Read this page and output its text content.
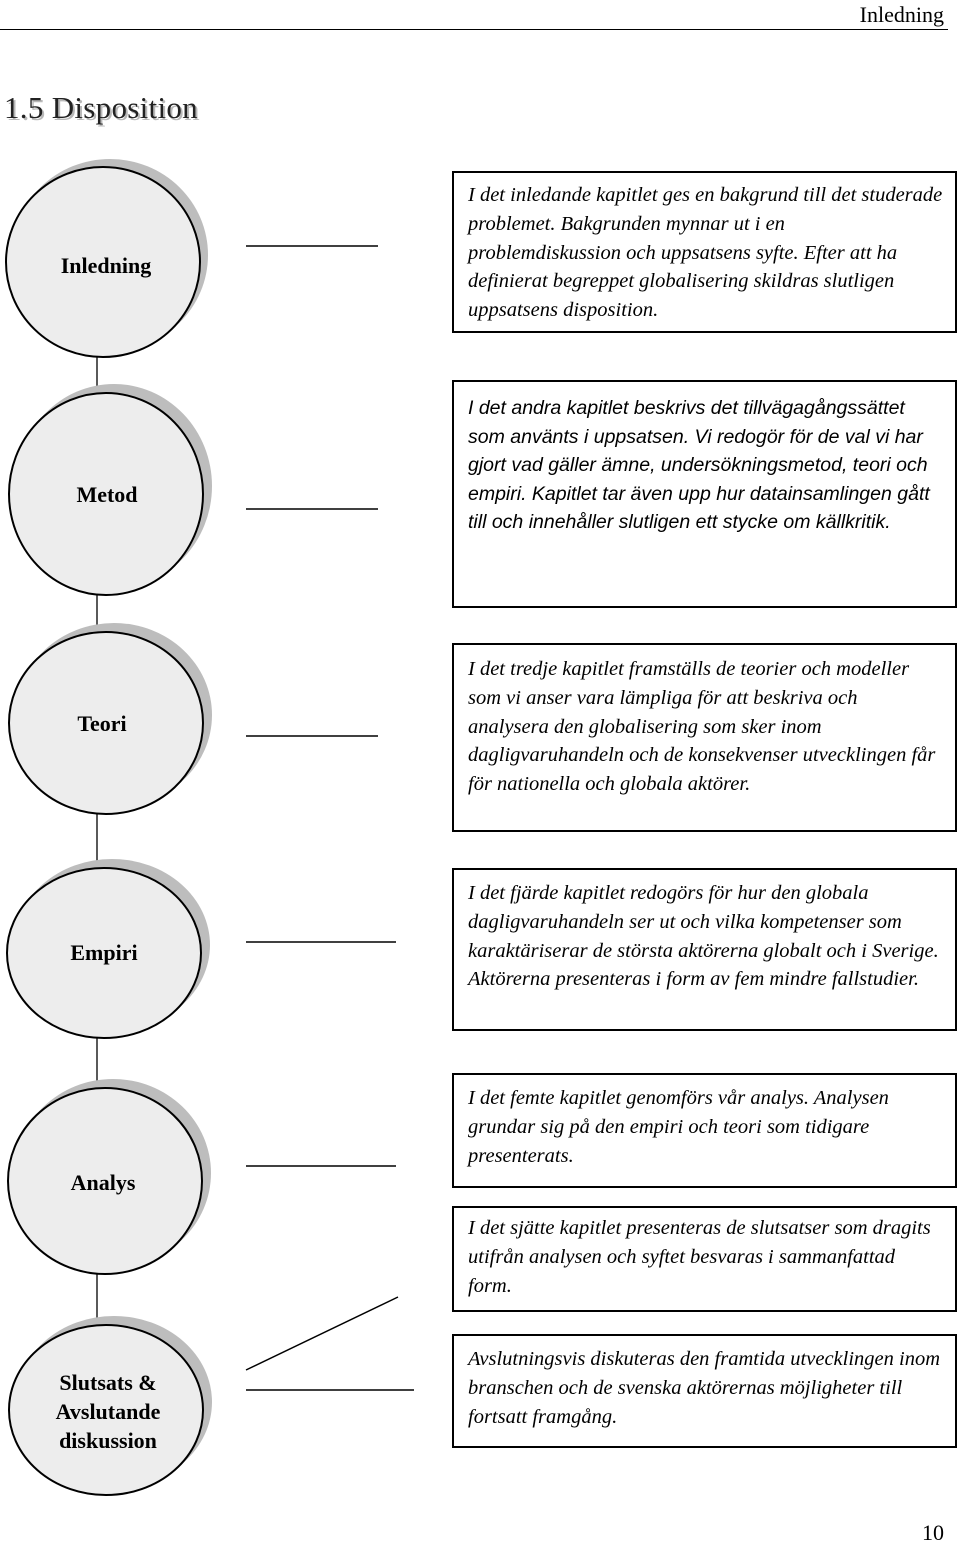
Inledning
1.5 Disposition
Inledning
Metod
Teori
Empiri
Analys
Slutsats & Avslutande diskussion
I det inledande kapitlet ges en bakgrund till det studerade problemet. Bakgrunden mynnar ut i en problemdiskussion och uppsatsens syfte. Efter att ha definierat begreppet globalisering skildras slutligen uppsatsens disposition.
I det andra kapitlet beskrivs det tillvägagångssättet som använts i uppsatsen. Vi redogör för de val vi har gjort vad gäller ämne, undersökningsmetod, teori och empiri. Kapitlet tar även upp hur datainsamlingen gått till och innehåller slutligen ett stycke om källkritik.
I det tredje kapitlet framställs de teorier och modeller som vi anser vara lämpliga för att beskriva och analysera den globalisering som sker inom dagligvaruhandeln och de konsekvenser utvecklingen får för nationella och globala aktörer.
I det fjärde kapitlet redogörs för hur den globala dagligvaruhandeln ser ut och vilka kompetenser som karaktäriserar de största aktörerna globalt och i Sverige. Aktörerna presenteras i form av fem mindre fallstudier.
I det femte kapitlet genomförs vår analys. Analysen grundar sig på den empiri och teori som tidigare presenterats.
I det sjätte kapitlet presenteras de slutsatser som dragits utifrån analysen och syftet besvaras i sammanfattad form.
Avslutningsvis diskuteras den framtida utvecklingen inom branschen och de svenska aktörernas möjligheter till fortsatt framgång.
10
